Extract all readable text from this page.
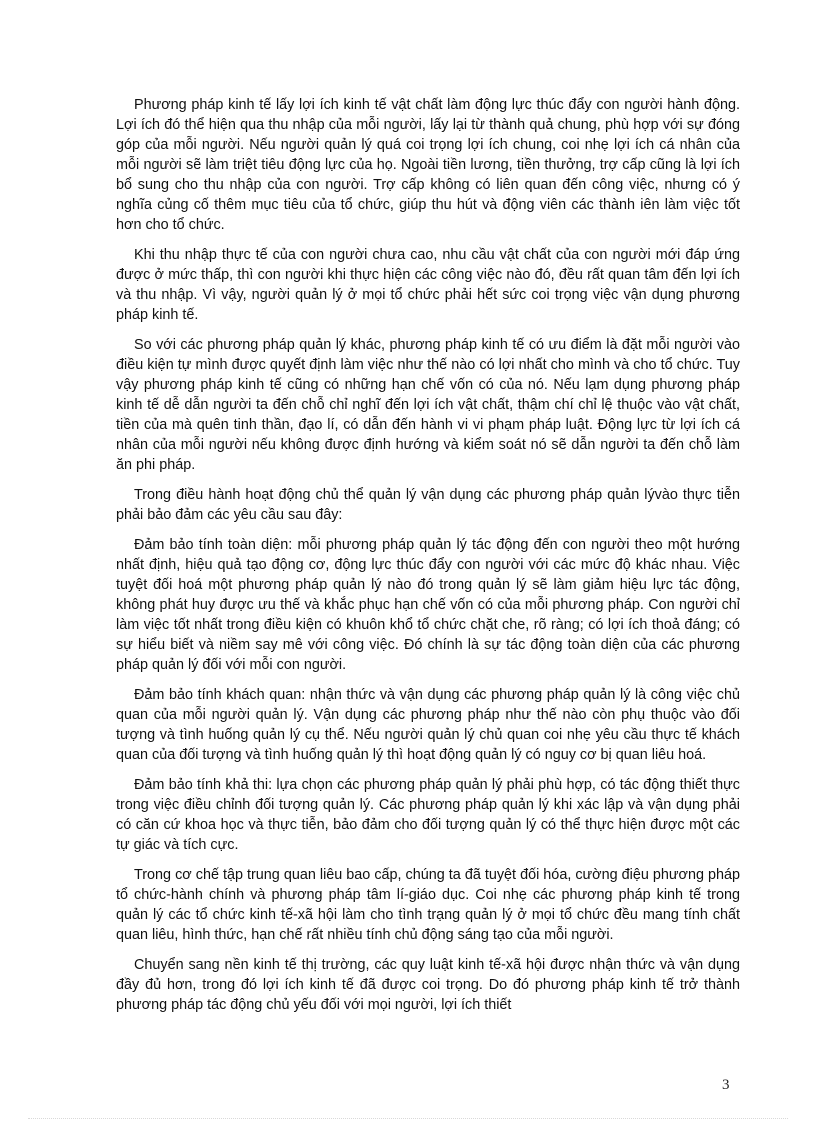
Phương pháp kinh tế lấy lợi ích kinh tế vật chất làm động lực thúc đẩy con người hành động. Lợi ích đó thể hiện qua thu nhập của mỗi người, lấy lại từ thành quả chung, phù hợp với sự đóng góp của mỗi người. Nếu người quản lý quá coi trọng lợi ích chung, coi nhẹ lợi ích cá nhân của mỗi người sẽ làm triệt tiêu động lực của họ. Ngoài tiền lương, tiền thưởng, trợ cấp cũng là lợi ích bổ sung cho thu nhập của con người. Trợ cấp không có liên quan đến công việc, nhưng có ý nghĩa củng cố thêm mục tiêu của tổ chức, giúp thu hút và động viên các thành iên làm việc tốt hơn cho tổ chức.

Khi thu nhập thực tế của con người chưa cao, nhu cầu vật chất của con người mới đáp ứng được ở mức thấp, thì con người khi thực hiện các công việc nào đó, đều rất quan tâm đến lợi ích và thu nhập. Vì vậy, người quản lý ở mọi tổ chức phải hết sức coi trọng việc vận dụng phương pháp kinh tế.

So với các phương pháp quản lý khác, phương pháp kinh tế có ưu điểm là đặt mỗi người vào điều kiện tự mình được quyết định làm việc như thế nào có lợi nhất cho mình và cho tổ chức. Tuy vậy phương pháp kinh tế cũng có những hạn chế vốn có của nó. Nếu lạm dụng phương pháp kinh tế dễ dẫn người ta đến chỗ chỉ nghĩ đến lợi ích vật chất, thậm chí chỉ lệ thuộc vào vật chất, tiền của mà quên tinh thần, đạo lí, có dẫn đến hành vi vi phạm pháp luật. Động lực từ lợi ích cá nhân của mỗi người nếu không được định hướng và kiểm soát nó sẽ dẫn người ta đến chỗ làm ăn phi pháp.

Trong điều hành hoạt động chủ thể quản lý vận dụng các phương pháp quản lývào thực tiễn phải bảo đảm các yêu cầu sau đây:

Đảm bảo tính toàn diện: mỗi phương pháp quản lý tác động đến con người theo một hướng nhất định, hiệu quả tạo động cơ, động lực thúc đẩy con người với các mức độ khác nhau. Việc tuyệt đối hoá một phương pháp quản lý nào đó trong quản lý sẽ làm giảm hiệu lực tác động, không phát huy được ưu thế và khắc phục hạn chế vốn có của mỗi phương pháp. Con người chỉ làm việc tốt nhất trong điều kiện có khuôn khổ tổ chức chặt che, rõ ràng; có lợi ích thoả đáng; có sự hiểu biết và niềm say mê với công việc. Đó chính là sự tác động toàn diện của các phương pháp quản lý đối với mỗi con người.

Đảm bảo tính khách quan: nhận thức và vận dụng các phương pháp quản lý là công việc chủ quan của mỗi người quản lý. Vận dụng các phương pháp như thế nào còn phụ thuộc vào đối tượng và tình huống quản lý cụ thể. Nếu người quản lý chủ quan coi nhẹ yêu cầu thực tế khách quan của đối tượng và tình huống quản lý thì hoạt động quản lý có nguy cơ bị quan liêu hoá.

Đảm bảo tính khả thi: lựa chọn các phương pháp quản lý phải phù hợp, có tác động thiết thực trong việc điều chỉnh đối tượng quản lý. Các phương pháp quản lý khi xác lập và vận dụng phải có căn cứ khoa học và thực tiễn, bảo đảm cho đối tượng quản lý có thể thực hiện được một các tự giác và tích cực.

Trong cơ chế tập trung quan liêu bao cấp, chúng ta đã tuyệt đối hóa, cường điệu phương pháp tổ chức-hành chính và phương pháp tâm lí-giáo dục. Coi nhẹ các phương pháp kinh tế trong quản lý các tổ chức kinh tế-xã hội làm cho tình trạng quản lý ở mọi tổ chức đều mang tính chất quan liêu, hình thức, hạn chế rất nhiều tính chủ động sáng tạo của mỗi người.

Chuyển sang nền kinh tế thị trường, các quy luật kinh tế-xã hội được nhận thức và vận dụng đầy đủ hơn, trong đó lợi ích kinh tế đã được coi trọng. Do đó phương pháp kinh tế trở thành phương pháp tác động chủ yếu đối với mọi người, lợi ích thiết

3
